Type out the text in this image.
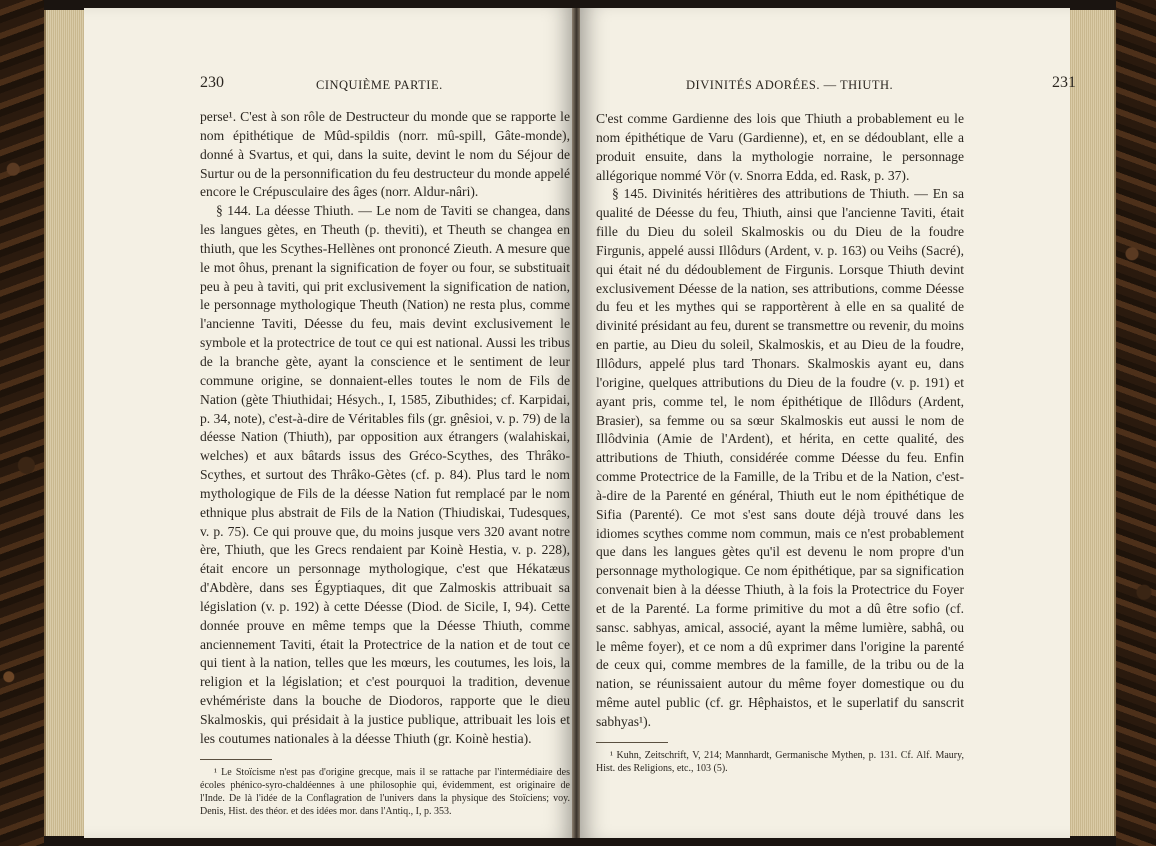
230	CINQUIÈME PARTIE.

perse¹. C'est à son rôle de Destructeur du monde que se rapporte le nom épithétique de Mûd-spildis (norr. mû-spill, Gâte-monde), donné à Svartus, et qui, dans la suite, devint le nom du Séjour de Surtur ou de la personnification du feu destructeur du monde appelé encore le Crépusculaire des âges (norr. Aldur-nâri).

§ 144. La déesse Thiuth. — Le nom de Taviti se changea, dans les langues gètes, en Theuth (p. theviti), et Theuth se changea en thiuth, que les Scythes-Hellènes ont prononcé Zieuth. A mesure que le mot ôhus, prenant la signification de foyer ou four, se substituait peu à peu à taviti, qui prit exclusivement la signification de nation, le personnage mythologique Theuth (Nation) ne resta plus, comme l'ancienne Taviti, Déesse du feu, mais devint exclusivement le symbole et la protectrice de tout ce qui est national. Aussi les tribus de la branche gète, ayant la conscience et le sentiment de leur commune origine, se donnaient-elles toutes le nom de Fils de Nation (gète Thiuthidai; Hésych., I, 1585, Zibuthides; cf. Karpidai, p. 34, note), c'est-à-dire de Véritables fils (gr. gnêsioi, v. p. 79) de la déesse Nation (Thiuth), par opposition aux étrangers (walahiskai, welches) et aux bâtards issus des Gréco-Scythes, des Thrâko-Scythes, et surtout des Thrâko-Gètes (cf. p. 84). Plus tard le nom mythologique de Fils de la déesse Nation fut remplacé par le nom ethnique plus abstrait de Fils de la Nation (Thiudiskai, Tudesques, v. p. 75). Ce qui prouve que, du moins jusque vers 320 avant notre ère, Thiuth, que les Grecs rendaient par Koinè Hestia, v. p. 228), était encore un personnage mythologique, c'est que Hékatæus d'Abdère, dans ses Égyptiaques, dit que Zalmoskis attribuait sa législation (v. p. 192) à cette Déesse (Diod. de Sicile, I, 94). Cette donnée prouve en même temps que la Déesse Thiuth, comme anciennement Taviti, était la Protectrice de la nation et de tout ce qui tient à la nation, telles que les mœurs, les coutumes, les lois, la religion et la législation; et c'est pourquoi la tradition, devenue evhémériste dans la bouche de Diodoros, rapporte que le dieu Skalmoskis, qui présidait à la justice publique, attribuait les lois et les coutumes nationales à la déesse Thiuth (gr. Koinè hestia).

¹ Le Stoïcisme n'est pas d'origine grecque, mais il se rattache par l'intermédiaire des écoles phénico-syro-chaldéennes à une philosophie qui, évidemment, est originaire de l'Inde. De là l'idée de la Conflagration de l'univers dans la physique des Stoïciens; voy. Denis, Hist. des théor. et des idées mor. dans l'Antiq., I, p. 353.

DIVINITÉS ADORÉES. — THIUTH.	231

C'est comme Gardienne des lois que Thiuth a probablement eu le nom épithétique de Varu (Gardienne), et, en se dédoublant, elle a produit ensuite, dans la mythologie norraine, le personnage allégorique nommé Vör (v. Snorra Edda, ed. Rask, p. 37).

§ 145. Divinités héritières des attributions de Thiuth. — En sa qualité de Déesse du feu, Thiuth, ainsi que l'ancienne Taviti, était fille du Dieu du soleil Skalmoskis ou du Dieu de la foudre Firgunis, appelé aussi Illôdurs (Ardent, v. p. 163) ou Veihs (Sacré), qui était né du dédoublement de Firgunis. Lorsque Thiuth devint exclusivement Déesse de la nation, ses attributions, comme Déesse du feu et les mythes qui se rapportèrent à elle en sa qualité de divinité présidant au feu, durent se transmettre ou revenir, du moins en partie, au Dieu du soleil, Skalmoskis, et au Dieu de la foudre, Illôdurs, appelé plus tard Thonars. Skalmoskis ayant eu, dans l'origine, quelques attributions du Dieu de la foudre (v. p. 191) et ayant pris, comme tel, le nom épithétique de Illôdurs (Ardent, Brasier), sa femme ou sa sœur Skalmoskis eut aussi le nom de Illôdvinia (Amie de l'Ardent), et hérita, en cette qualité, des attributions de Thiuth, considérée comme Déesse du feu. Enfin comme Protectrice de la Famille, de la Tribu et de la Nation, c'est-à-dire de la Parenté en général, Thiuth eut le nom épithétique de Sifia (Parenté). Ce mot s'est sans doute déjà trouvé dans les idiomes scythes comme nom commun, mais ce n'est probablement que dans les langues gètes qu'il est devenu le nom propre d'un personnage mythologique. Ce nom épithétique, par sa signification convenait bien à la déesse Thiuth, à la fois la Protectrice du Foyer et de la Parenté. La forme primitive du mot a dû être sofio (cf. sansc. sabhyas, amical, associé, ayant la même lumière, sabhâ, ou le même foyer), et ce nom a dû exprimer dans l'origine la parenté de ceux qui, comme membres de la famille, de la tribu ou de la nation, se réunissaient autour du même foyer domestique ou du même autel public (cf. gr. Hêphaistos, et le superlatif du sanscrit sabhyas¹).

¹ Kuhn, Zeitschrift, V, 214; Mannhardt, Germanische Mythen, p. 131. Cf. Alf. Maury, Hist. des Religions, etc., 103 (5).
